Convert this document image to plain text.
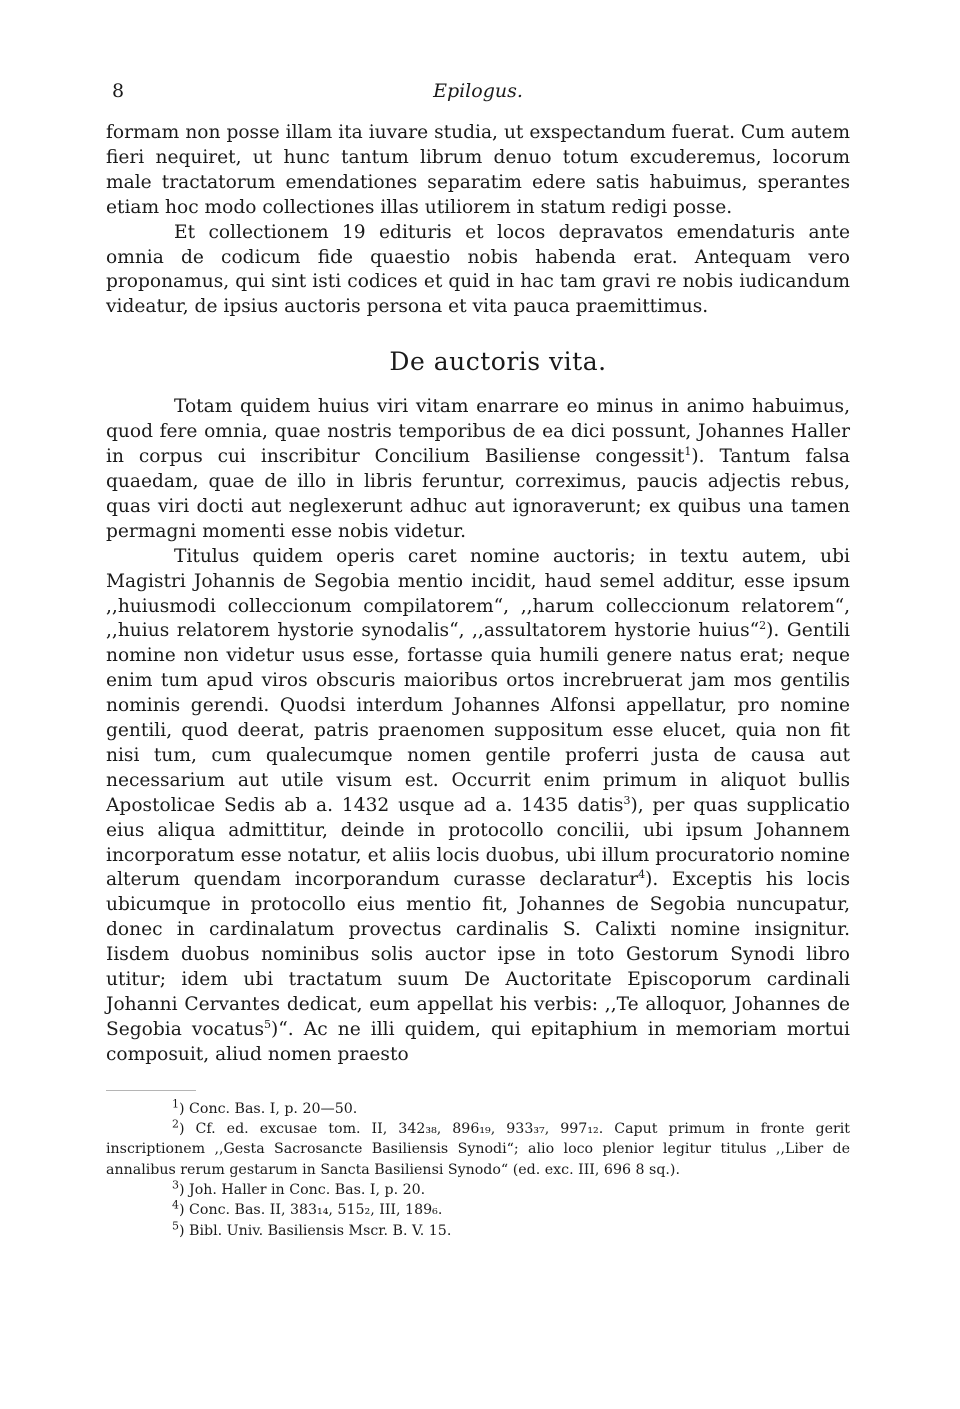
8	Epilogus.

formam non posse illam ita iuvare studia, ut exspectandum fuerat. Cum autem fieri nequiret, ut hunc tantum librum denuo totum excuderemus, locorum male tractatorum emendationes separatim edere satis habuimus, sperantes etiam hoc modo collectiones illas utiliorem in statum redigi posse.

Et collectionem 19 edituris et locos depravatos emendaturis ante omnia de codicum fide quaestio nobis habenda erat. Antequam vero proponamus, qui sint isti codices et quid in hac tam gravi re nobis iudicandum videatur, de ipsius auctoris persona et vita pauca praemittimus.

De auctoris vita.

Totam quidem huius viri vitam enarrare eo minus in animo habuimus, quod fere omnia, quae nostris temporibus de ea dici possunt, Johannes Haller in corpus cui inscribitur Concilium Basiliense congessit$^1$). Tantum falsa quaedam, quae de illo in libris feruntur, correximus, paucis adjectis rebus, quas viri docti aut neglexerunt adhuc aut ignoraverunt; ex quibus una tamen permagni momenti esse nobis videtur.

Titulus quidem operis caret nomine auctoris; in textu autem, ubi Magistri Johannis de Segobia mentio incidit, haud semel additur, esse ipsum ,,huiusmodi colleccionum compilatorem“, ,,harum colleccionum relatorem“, ,,huius relatorem hystorie synodalis“, ,,assultatorem hystorie huius“$^2$). Gentili nomine non videtur usus esse, fortasse quia humili genere natus erat; neque enim tum apud viros obscuris maioribus ortos increbruerat jam mos gentilis nominis gerendi. Quodsi interdum Johannes Alfonsi appellatur, pro nomine gentili, quod deerat, patris praenomen suppositum esse elucet, quia non fit nisi tum, cum qualecumque nomen gentile proferri justa de causa aut necessarium aut utile visum est. Occurrit enim primum in aliquot bullis Apostolicae Sedis ab a. 1432 usque ad a. 1435 datis$^3$), per quas supplicatio eius aliqua admittitur, deinde in protocollo concilii, ubi ipsum Johannem incorporatum esse notatur, et aliis locis duobus, ubi illum procuratorio nomine alterum quendam incorporandum curasse declaratur$^4$). Exceptis his locis ubicumque in protocollo eius mentio fit, Johannes de Segobia nuncupatur, donec in cardinalatum provectus cardinalis S. Calixti nomine insignitur. Iisdem duobus nominibus solis auctor ipse in toto Gestorum Synodi libro utitur; idem ubi tractatum suum De Auctoritate Episcoporum cardinali Johanni Cervantes dedicat, eum appellat his verbis: ,,Te alloquor, Johannes de Segobia vocatus$^5$)“. Ac ne illi quidem, qui epitaphium in memoriam mortui composuit, aliud nomen praesto

$^1$) Conc. Bas. I, p. 20—50.

$^2$) Cf. ed. excusae tom. II, 342₃₈, 896₁₉, 933₃₇, 997₁₂. Caput primum in fronte gerit inscriptionem ,,Gesta Sacrosancte Basiliensis Synodi“; alio loco plenior legitur titulus ,,Liber de annalibus rerum gestarum in Sancta Basiliensi Synodo“ (ed. exc. III, 696 8 sq.).

$^3$) Joh. Haller in Conc. Bas. I, p. 20.

$^4$) Conc. Bas. II, 383₁₄, 515₂, III, 189₆.

$^5$) Bibl. Univ. Basiliensis Mscr. B. V. 15.
